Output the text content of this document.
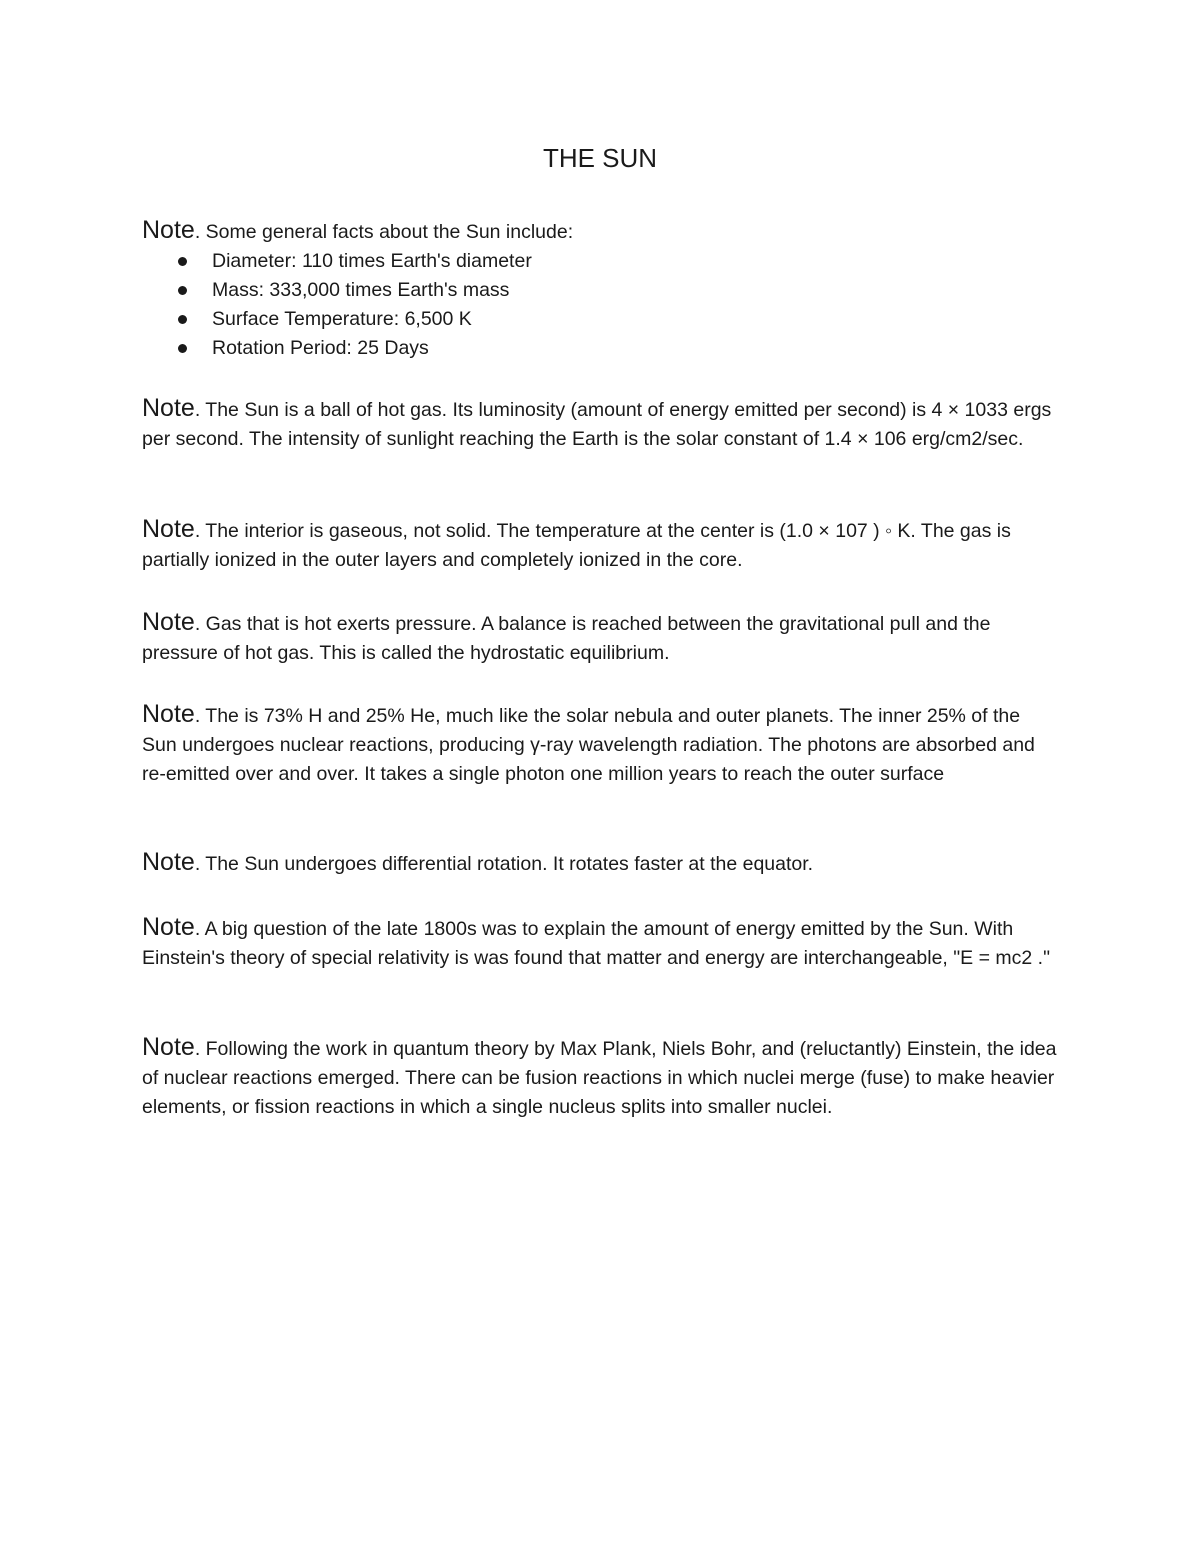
THE SUN
Note. Some general facts about the Sun include:
Diameter: 110 times Earth's diameter
Mass: 333,000 times Earth's mass
Surface Temperature: 6,500 K
Rotation Period: 25 Days

Note. The Sun is a ball of hot gas. Its luminosity (amount of energy emitted per second) is 4 × 1033 ergs per second. The intensity of sunlight reaching the Earth is the solar constant of 1.4 × 106 erg/cm2/sec.

Note. The interior is gaseous, not solid. The temperature at the center is (1.0 × 107 ) ◦ K. The gas is partially ionized in the outer layers and completely ionized in the core.

Note. Gas that is hot exerts pressure. A balance is reached between the gravitational pull and the pressure of hot gas. This is called the hydrostatic equilibrium.

Note. The is 73% H and 25% He, much like the solar nebula and outer planets. The inner 25% of the Sun undergoes nuclear reactions, producing γ-ray wavelength radiation. The photons are absorbed and re-emitted over and over. It takes a single photon one million years to reach the outer surface

Note. The Sun undergoes differential rotation. It rotates faster at the equator.

Note. A big question of the late 1800s was to explain the amount of energy emitted by the Sun. With Einstein's theory of special relativity is was found that matter and energy are interchangeable, "E = mc2 ."

Note. Following the work in quantum theory by Max Plank, Niels Bohr, and (reluctantly) Einstein, the idea of nuclear reactions emerged. There can be fusion reactions in which nuclei merge (fuse) to make heavier elements, or fission reactions in which a single nucleus splits into smaller nuclei.
